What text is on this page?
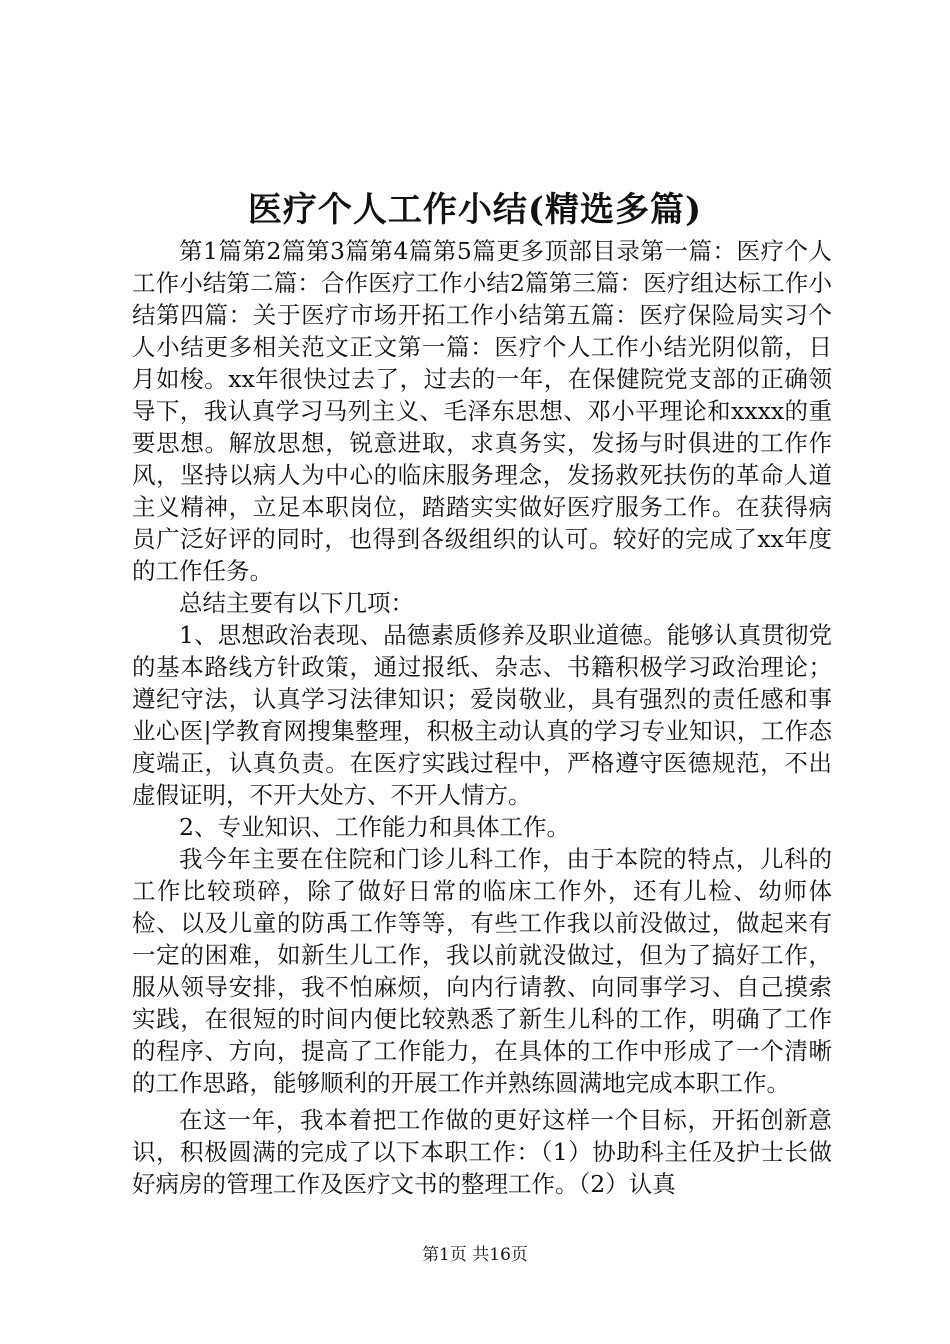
医疗个人工作小结(精选多篇)

第1篇第2篇第3篇第4篇第5篇更多顶部目录第一篇：医疗个人工作小结第二篇：合作医疗工作小结2篇第三篇：医疗组达标工作小结第四篇：关于医疗市场开拓工作小结第五篇：医疗保险局实习个人小结更多相关范文正文第一篇：医疗个人工作小结光阴似箭，日月如梭。xx年很快过去了，过去的一年，在保健院党支部的正确领导下，我认真学习马列主义、毛泽东思想、邓小平理论和xxxx的重要思想。解放思想，锐意进取，求真务实，发扬与时俱进的工作作风，坚持以病人为中心的临床服务理念，发扬救死扶伤的革命人道主义精神，立足本职岗位，踏踏实实做好医疗服务工作。在获得病员广泛好评的同时，也得到各级组织的认可。较好的完成了xx年度的工作任务。

总结主要有以下几项：

1、思想政治表现、品德素质修养及职业道德。能够认真贯彻党的基本路线方针政策，通过报纸、杂志、书籍积极学习政治理论；遵纪守法，认真学习法律知识；爱岗敬业，具有强烈的责任感和事业心医|学教育网搜集整理，积极主动认真的学习专业知识，工作态度端正，认真负责。在医疗实践过程中，严格遵守医德规范，不出虚假证明，不开大处方、不开人情方。

2、专业知识、工作能力和具体工作。

我今年主要在住院和门诊儿科工作，由于本院的特点，儿科的工作比较琐碎，除了做好日常的临床工作外，还有儿检、幼师体检、以及儿童的防禹工作等等，有些工作我以前没做过，做起来有一定的困难，如新生儿工作，我以前就没做过，但为了搞好工作，服从领导安排，我不怕麻烦，向内行请教、向同事学习、自己摸索实践，在很短的时间内便比较熟悉了新生儿科的工作，明确了工作的程序、方向，提高了工作能力，在具体的工作中形成了一个清晰的工作思路，能够顺利的开展工作并熟练圆满地完成本职工作。

在这一年，我本着把工作做的更好这样一个目标，开拓创新意识，积极圆满的完成了以下本职工作：（1）协助科主任及护士长做好病房的管理工作及医疗文书的整理工作。（2）认真

第1页 共16页
